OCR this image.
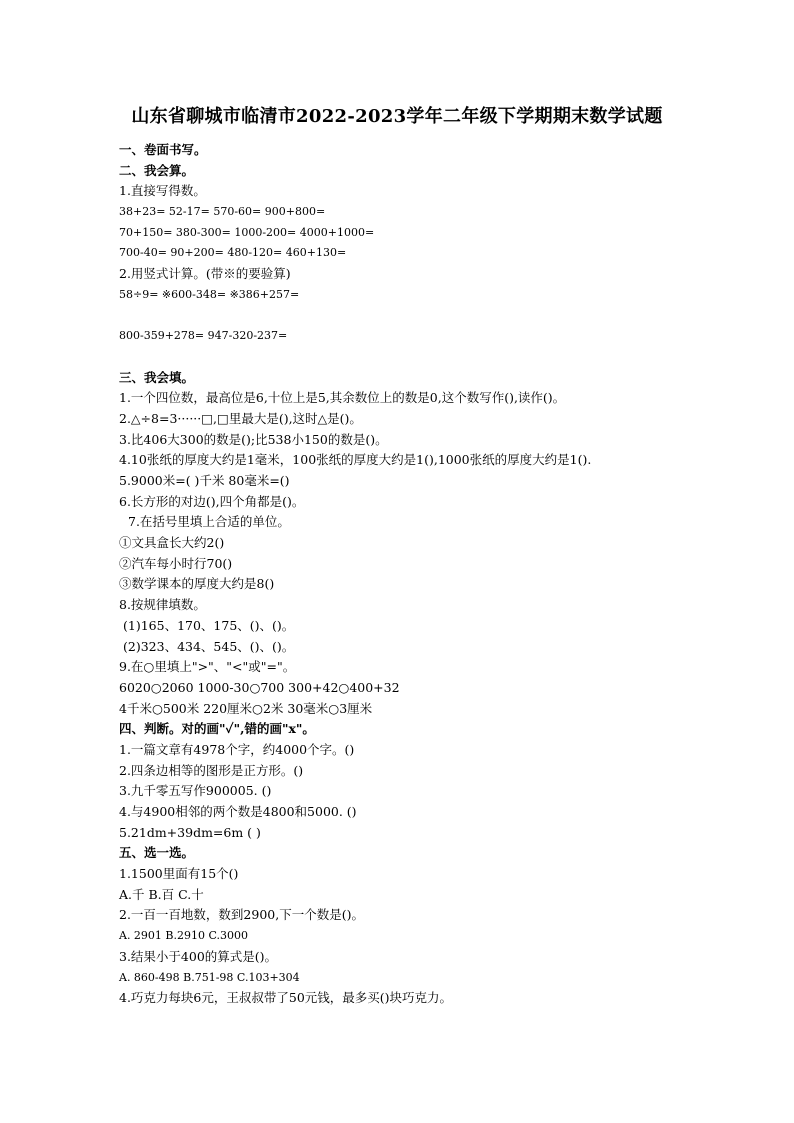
山东省聊城市临清市2022-2023学年二年级下学期期末数学试题
一、卷面书写。
二、我会算。
1.直接写得数。
38+23= 52-17= 570-60= 900+800=
70+150= 380-300= 1000-200= 4000+1000=
700-40= 90+200= 480-120= 460+130=
2.用竖式计算。(带※的要验算)
58÷9= ※600-348= ※386+257=
800-359+278= 947-320-237=
三、我会填。
1.一个四位数，最高位是6,十位上是5,其余数位上的数是0,这个数写作(),读作()。
2.△÷8=3······□,□里最大是(),这时△是()。
3.比406大300的数是();比538小150的数是()。
4.10张纸的厚度大约是1毫米，100张纸的厚度大约是1(),1000张纸的厚度大约是1().
5.9000米=( )千米 80毫米=()
6.长方形的对边(),四个角都是()。
7.在括号里填上合适的单位。
①文具盒长大约2()
②汽车每小时行70()
③数学课本的厚度大约是8()
8.按规律填数。
(1)165、170、175、()、()。
(2)323、434、545、()、()。
9.在○里填上">"、"<"或"="。
6020○2060 1000-30○700 300+42○400+32
4千米○500米 220厘米○2米 30毫米○3厘米
四、判断。对的画"✓",错的画"x"。
1.一篇文章有4978个字，约4000个字。()
2.四条边相等的图形是正方形。()
3.九千零五写作900005. ()
4.与4900相邻的两个数是4800和5000. ()
5.21dm+39dm=6m ( )
五、选一选。
1.1500里面有15个()
A.千 B.百 C.十
2.一百一百地数，数到2900,下一个数是()。
A. 2901 B.2910 C.3000
3.结果小于400的算式是()。
A. 860-498 B.751-98 C.103+304
4.巧克力每块6元，王叔叔带了50元钱，最多买()块巧克力。
